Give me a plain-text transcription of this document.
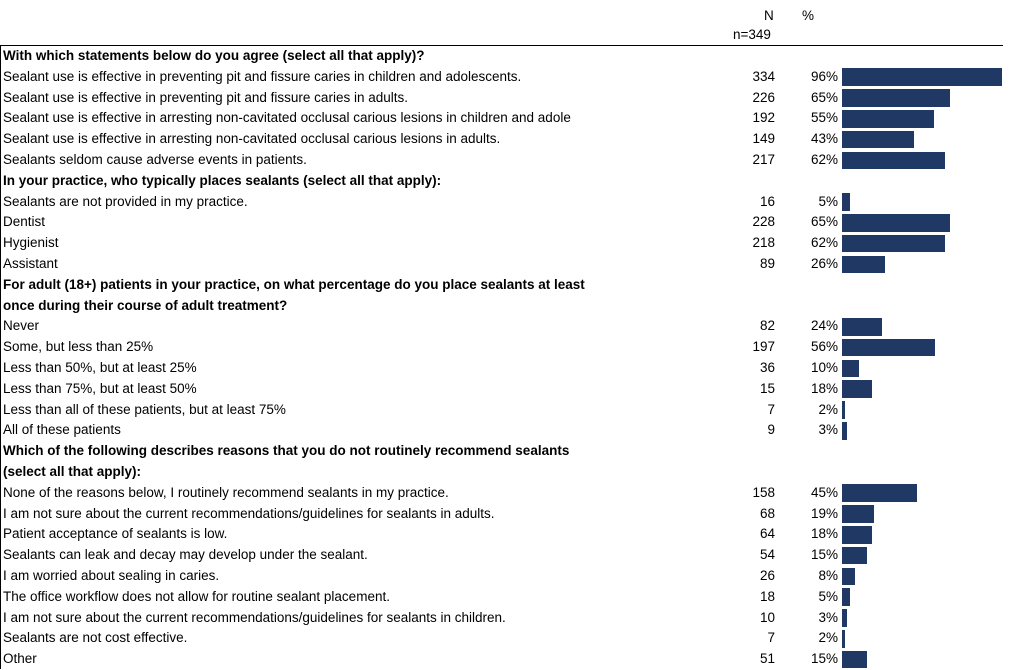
N %
n=349
With which statements below do you agree (select all that apply)?
Sealant use is effective in preventing pit and fissure caries in children and adolescents.	334	96%
Sealant use is effective in preventing pit and fissure caries in adults.	226	65%
Sealant use is effective in arresting non-cavitated occlusal carious lesions in children and adole	192	55%
Sealant use is effective in arresting non-cavitated occlusal carious lesions in adults.	149	43%
Sealants seldom cause adverse events in patients.	217	62%
In your practice, who typically places sealants (select all that apply):
Sealants are not provided in my practice.	16	5%
Dentist	228	65%
Hygienist	218	62%
Assistant	89	26%
For adult (18+) patients in your practice, on what percentage do you place sealants at least
once during their course of adult treatment?
Never	82	24%
Some, but less than 25%	197	56%
Less than 50%, but at least 25%	36	10%
Less than 75%, but at least 50%	15	18%
Less than all of these patients, but at least 75%	7	2%
All of these patients	9	3%
Which of the following describes reasons that you do not routinely recommend sealants
(select all that apply):
None of the reasons below, I routinely recommend sealants in my practice.	158	45%
I am not sure about the current recommendations/guidelines for sealants in adults.	68	19%
Patient acceptance of sealants is low.	64	18%
Sealants can leak and decay may develop under the sealant.	54	15%
I am worried about sealing in caries.	26	8%
The office workflow does not allow for routine sealant placement.	18	5%
I am not sure about the current recommendations/guidelines for sealants in children.	10	3%
Sealants are not cost effective.	7	2%
Other	51	15%
